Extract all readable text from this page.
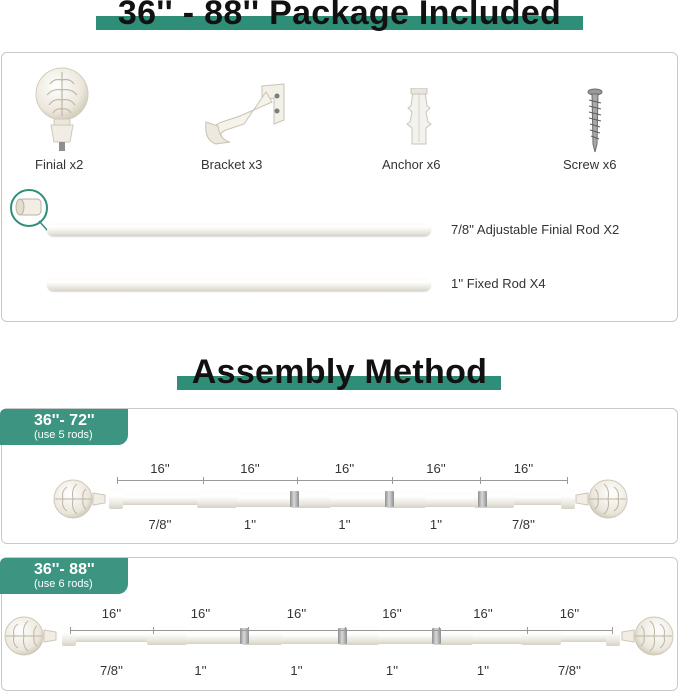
36'' - 88'' Package Included
Finial x2	Bracket x3	Anchor x6	Screw x6
7/8'' Adjustable Finial Rod X2
1'' Fixed Rod X4
Assembly Method
36''- 72''
(use 5 rods)
36''- 88''
(use 6 rods)
16''
7/8''
16''
1''
16''
1''
16''
1''
16''
7/8''
16''
7/8''
16''
1''
16''
1''
16''
1''
16''
1''
16''
7/8''
